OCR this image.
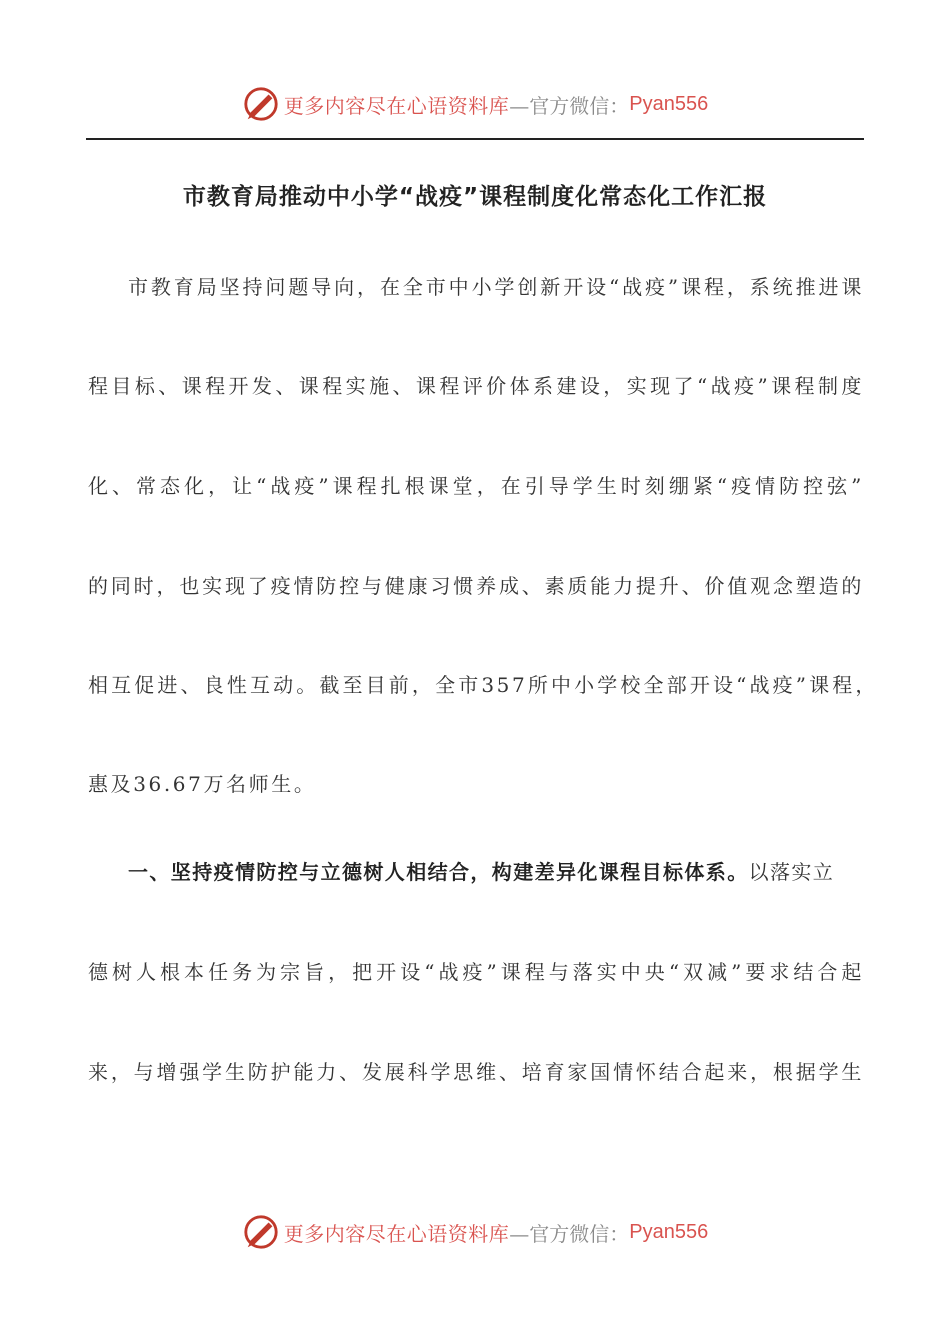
更多内容尽在心语资料库 —官方微信： Pyan556
市教育局推动中小学“战疫”课程制度化常态化工作汇报
市教育局坚持问题导向，在全市中小学创新开设“战疫”课程，系统推进课
程目标、课程开发、课程实施、课程评价体系建设，实现了“战疫”课程制度
化、常态化，让“战疫”课程扎根课堂，在引导学生时刻绷紧“疫情防控弦”
的同时，也实现了疫情防控与健康习惯养成、素质能力提升、价值观念塑造的
相互促进、良性互动。截至目前，全市357所中小学校全部开设“战疫”课程，
惠及36.67万名师生。
一、坚持疫情防控与立德树人相结合，构建差异化课程目标体系。以落实立
德树人根本任务为宗旨，把开设“战疫”课程与落实中央“双减”要求结合起
来，与增强学生防护能力、发展科学思维、培育家国情怀结合起来，根据学生
更多内容尽在心语资料库 —官方微信： Pyan556
